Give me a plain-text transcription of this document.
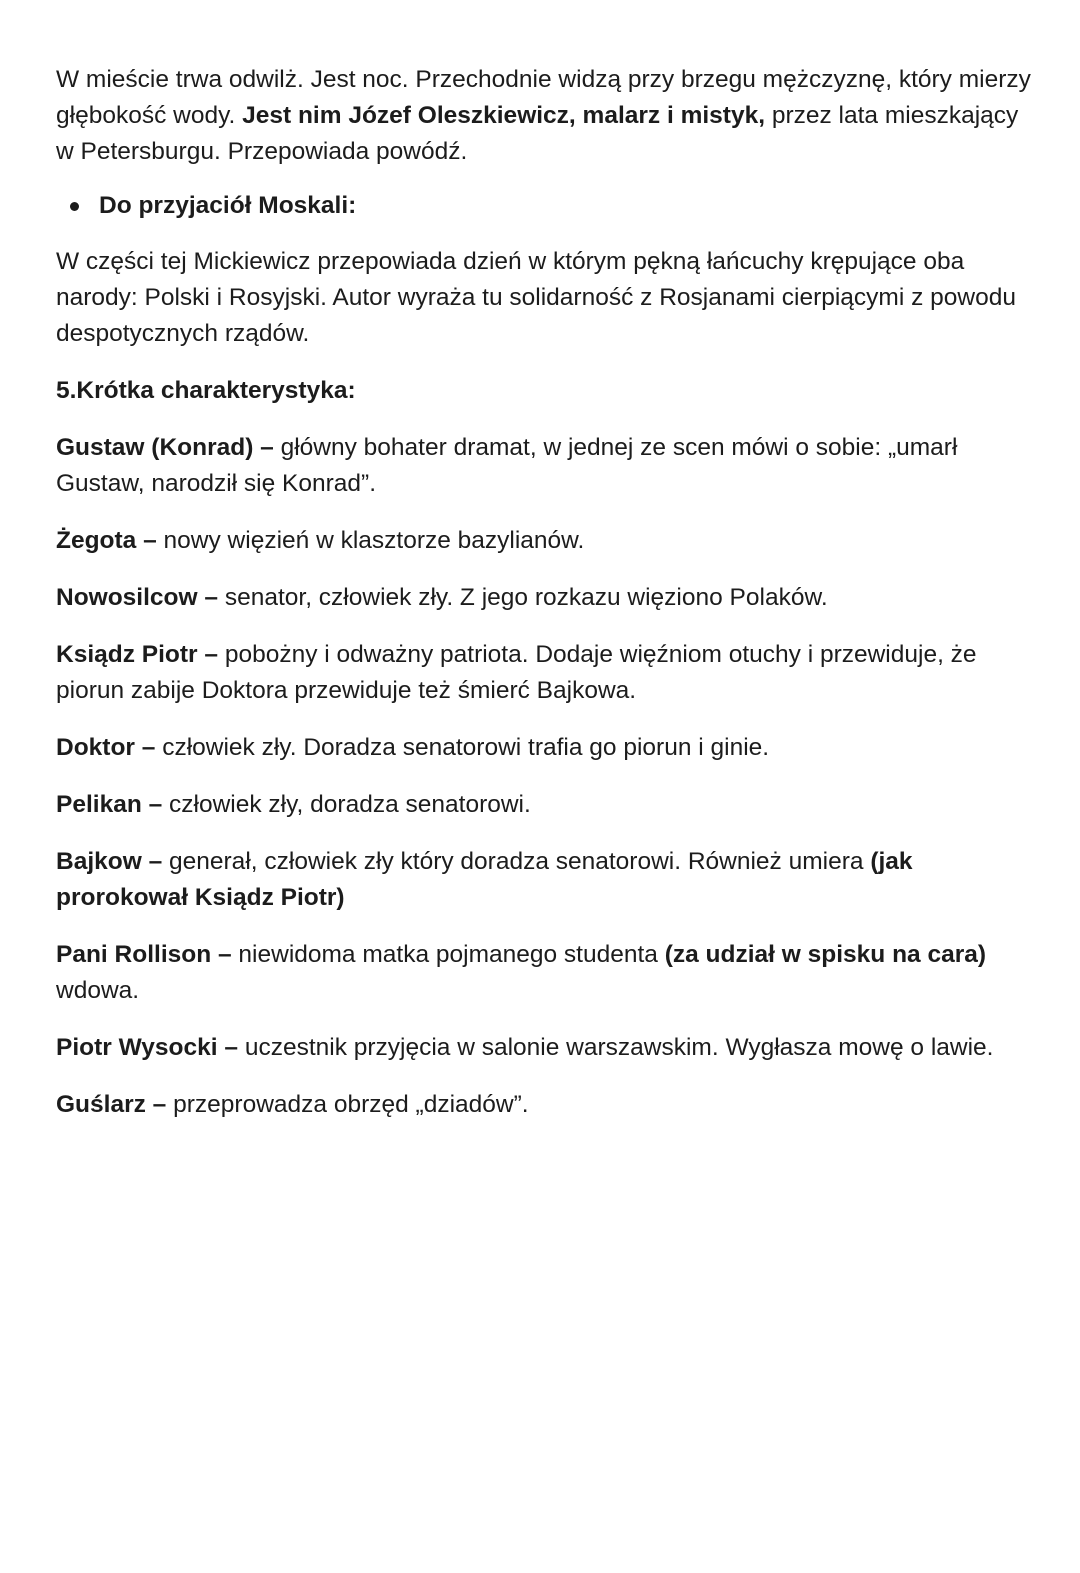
W mieście trwa odwilż. Jest noc. Przechodnie widzą przy brzegu mężczyznę, który mierzy głębokość wody. Jest nim Józef Oleszkiewicz, malarz i mistyk, przez lata mieszkający w Petersburgu. Przepowiada powódź.

Do przyjaciół Moskali:

W części tej Mickiewicz przepowiada dzień w którym pękną łańcuchy krępujące oba narody: Polski i Rosyjski. Autor wyraża tu solidarność z Rosjanami cierpiącymi z powodu despotycznych rządów.

5.Krótka charakterystyka:

Gustaw (Konrad) – główny bohater dramat, w jednej ze scen mówi o sobie: „umarł Gustaw, narodził się Konrad”.

Żegota – nowy więzień w klasztorze bazylianów.

Nowosilcow – senator, człowiek zły. Z jego rozkazu więziono Polaków.

Ksiądz Piotr – pobożny i odważny patriota. Dodaje więźniom otuchy i przewiduje, że piorun zabije Doktora przewiduje też śmierć Bajkowa.

Doktor – człowiek zły. Doradza senatorowi trafia go piorun i ginie.

Pelikan – człowiek zły, doradza senatorowi.

Bajkow – generał, człowiek zły który doradza senatorowi. Również umiera (jak prorokował Ksiądz Piotr)

Pani Rollison – niewidoma matka pojmanego studenta (za udział w spisku na cara) wdowa.

Piotr Wysocki – uczestnik przyjęcia w salonie warszawskim. Wygłasza mowę o lawie.

Guślarz – przeprowadza obrzęd „dziadów”.
